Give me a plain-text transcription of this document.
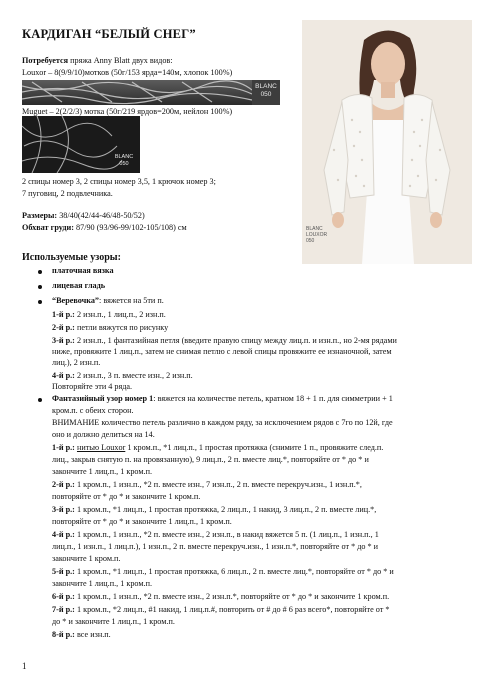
КАРДИГАН “БЕЛЫЙ СНЕГ”
BLANC
LOUXOR
050
Потребуется пряжа Anny Blatt двух видов:
Louxor – 8(9/9/10)мотков (50г/153 ярда=140м, хлопок 100%)
BLANC
050
Muguet – 2(2/2/3) мотка (50г/219 ярдов=200м, нейлон 100%)
BLANC
050
2 спицы номер 3, 2 спицы номер 3,5, 1 крючок номер 3;
7 пуговиц, 2 подвлечника.
Размеры: 38/40(42/44-46/48-50/52)
Обхват груди: 87/90 (93/96-99/102-105/108) см
Используемые узоры:
платочная вязка
лицевая гладь
“Веревочка”: вяжется на 5ти п.
1-й р.: 2 изн.п., 1 лиц.п., 2 изн.п.
2-й р.: петли вяжутся по рисунку
3-й р.: 2 изн.п., 1 фантазийная петля (введите правую спицу между лиц.п. и изн.п., но 2-мя рядами
ниже, провяжите 1 лиц.п., затем не снимая петлю с левой спицы провяжите ее изнаночной, затем
лиц.), 2 изн.п.
4-й р.: 2 изн.п., 3 п. вместе изн., 2 изн.п.
Повторяйте эти 4 ряда.
Фантазийный узор номер 1: вяжется на количестве петель, кратном 18 + 1 п. для симметрии + 1
кром.п. с обеих сторон.
ВНИМАНИЕ количество петель различно в каждом ряду, за исключением рядов с 7го по 12й, где
оно и должно делиться на 14.
1-й р.: нитью Louxor 1 кром.п., *1 лиц.п., 1 простая протяжка (снимите 1 п., провяжите след.п.
лиц., закрыв снятую п. на провязанную), 9 лиц.п., 2 п. вместе лиц.*, повторяйте от * до * и
закончите 1 лиц.п., 1 кром.п.
2-й р.: 1 кром.п., 1 изн.п., *2 п. вместе изн., 7 изн.п., 2 п. вместе перекруч.изн., 1 изн.п.*,
повторяйте от * до * и закончите 1 кром.п.
3-й р.: 1 кром.п., *1 лиц.п., 1 простая протяжка, 2 лиц.п., 1 накид, 3 лиц.п., 2 п. вместе лиц.*,
повторяйте от * до * и закончите 1 лиц.п., 1 кром.п.
4-й р.: 1 кром.п., 1 изн.п., *2 п. вместе изн., 2 изн.п., в накид вяжется 5 п. (1 лиц.п., 1 изн.п., 1
лиц.п., 1 изн.п., 1 лиц.п.), 1 изн.п., 2 п. вместе перекруч.изн., 1 изн.п.*, повторяйте от * до * и
закончите 1 кром.п.
5-й р.: 1 кром.п., *1 лиц.п., 1 простая протяжка, 6 лиц.п., 2 п. вместе лиц.*, повторяйте от * до * и
закончите 1 лиц.п., 1 кром.п.
6-й р.: 1 кром.п., 1 изн.п., *2 п. вместе изн., 2 изн.п.*, повторяйте от * до * и закончите 1 кром.п.
7-й р.: 1 кром.п., *2 лиц.п., #1 накид, 1 лиц.п.#, повторить от # до # 6 раз всего*, повторяйте от *
до * и закончите 1 лиц.п., 1 кром.п.
8-й р.: все изн.п.
1
